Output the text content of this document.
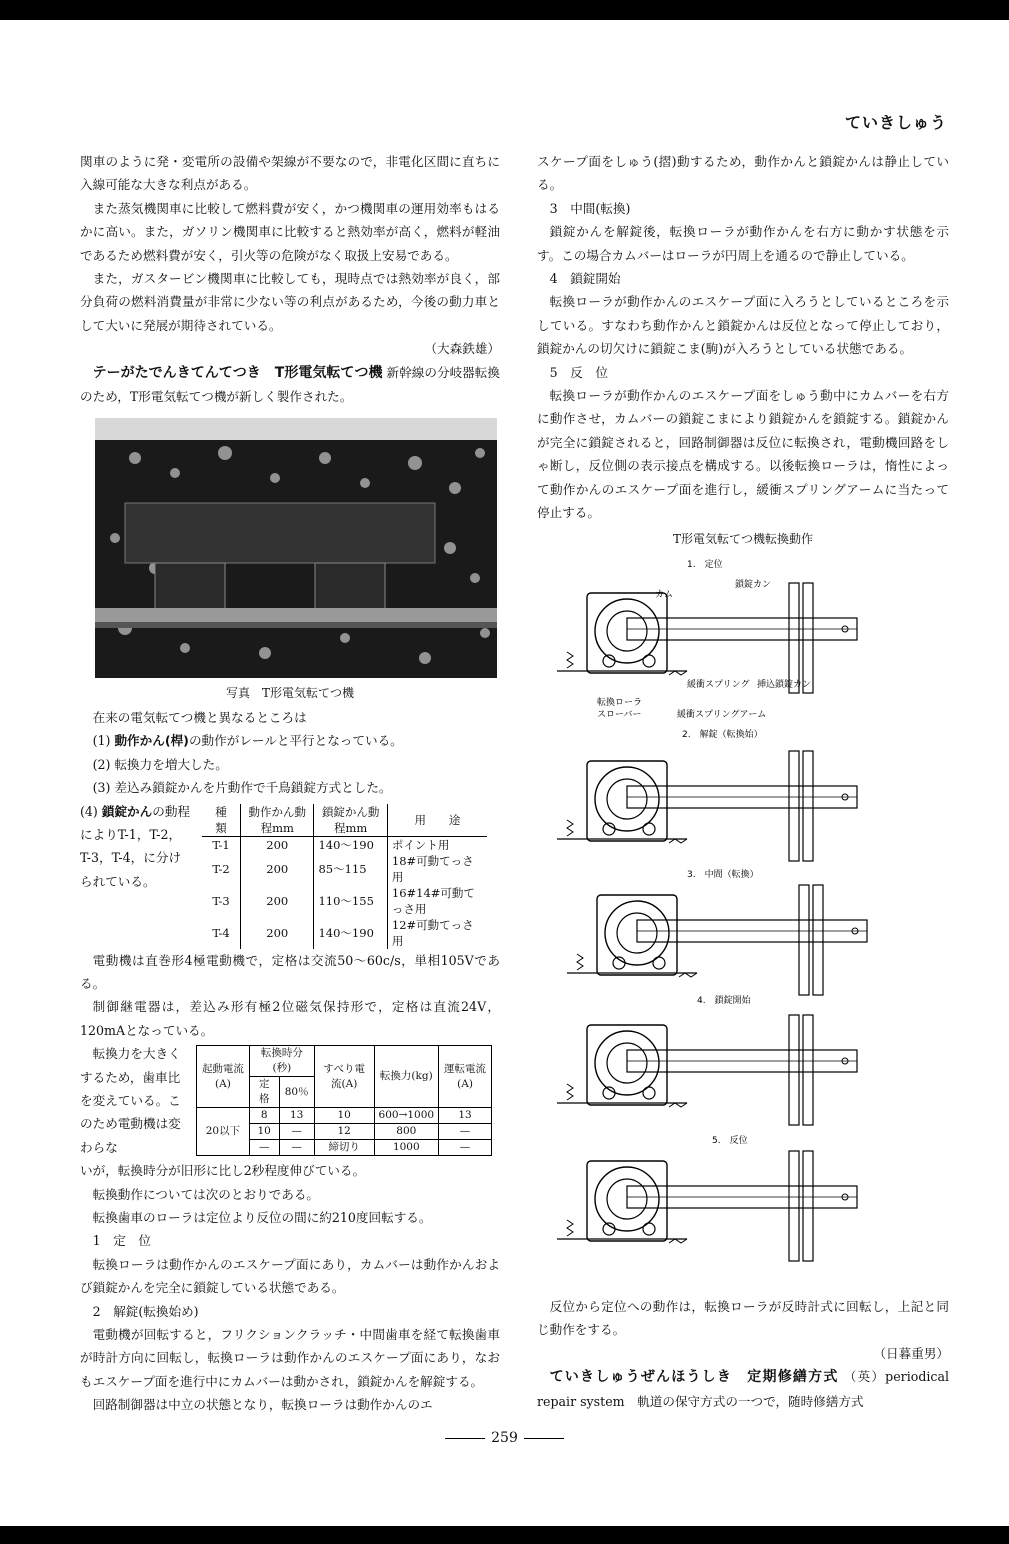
ていきしゅう

関車のように発・変電所の設備や架線が不要なので，非電化区間に直ちに入線可能な大きな利点がある。

また蒸気機関車に比較して燃料費が安く，かつ機関車の運用効率もはるかに高い。また，ガソリン機関車に比較すると熱効率が高く，燃料が軽油であるため燃料費が安く，引火等の危険がなく取扱上安易である。

また，ガスタービン機関車に比較しても，現時点では熱効率が良く，部分負荷の燃料消費量が非常に少ない等の利点があるため，今後の動力車として大いに発展が期待されている。

（大森鉄雄）

テーがたでんきてんてつき　T形電気転てつ機 新幹線の分岐器転換のため，T形電気転てつ機が新しく製作された。

写真　T形電気転てつ機

在来の電気転てつ機と異なるところは

(1) 動作かん(桿)の動作がレールと平行となっている。

(2) 転換力を増大した。

(3) 差込み鎖錠かんを片動作で千鳥鎖錠方式とした。

(4) 鎖錠かんの動程によりT-1，T-2，T-3，T-4，に分けられている。
種　類	動作かん動程mm	鎖錠かん動程mm	用　　途
T-1	200	140～190	ポイント用
T-2	200	85～115	18#可動てっさ用
T-3	200	110～155	16#14#可動てっさ用
T-4	200	140～190	12#可動てっさ用

電動機は直巻形4極電動機で，定格は交流50～60c/s，単相105Vである。

制御継電器は，差込み形有極2位磁気保持形で，定格は直流24V，120mAとなっている。

転換力を大きくするため，歯車比を変えている。このため電動機は変わらな
起動電流(A)	転換時分(秒)		すべり電流(A)	転換力(kg)	運転電流(A)
	定格	80％			
20以下	8	13	10	600→1000	13
	10	—	12	800	—
	—	—	締切り	1000	—

いが，転換時分が旧形に比し2秒程度伸びている。

転換動作については次のとおりである。

転換歯車のローラは定位より反位の間に約210度回転する。

1　定　位

転換ローラは動作かんのエスケープ面にあり，カムバーは動作かんおよび鎖錠かんを完全に鎖錠している状態である。

2　解錠(転換始め)

電動機が回転すると，フリクションクラッチ・中間歯車を経て転換歯車が時計方向に回転し，転換ローラは動作かんのエスケープ面にあり，なおもエスケープ面を進行中にカムバーは動かされ，鎖錠かんを解錠する。

回路制御器は中立の状態となり，転換ローラは動作かんのエ

スケープ面をしゅう(摺)動するため，動作かんと鎖錠かんは静止している。

3　中間(転換)

鎖錠かんを解錠後，転換ローラが動作かんを右方に動かす状態を示す。この場合カムバーはローラが円周上を通るので静止している。

4　鎖錠開始

転換ローラが動作かんのエスケープ面に入ろうとしているところを示している。すなわち動作かんと鎖錠かんは反位となって停止しており，鎖錠かんの切欠けに鎖錠こま(駒)が入ろうとしている状態である。

5　反　位

転換ローラが動作かんのエスケープ面をしゅう動中にカムバーを右方に動作させ，カムバーの鎖錠こまにより鎖錠かんを鎖錠する。鎖錠かんが完全に鎖錠されると，回路制御器は反位に転換され，電動機回路をしゃ断し，反位側の表示接点を構成する。以後転換ローラは，惰性によって動作かんのエスケープ面を進行し，緩衝スプリングアームに当たって停止する。

T形電気転てつ機転換動作

1.　定位
カム
鎖錠カン
挿込鎖錠カン
緩衝スプリング
転換ローラ
スローバー	緩衝スプリングアーム
2.　解錠（転換始）
3.　中間（転換）
4.　鎖錠開始
5.　反位

反位から定位への動作は，転換ローラが反時計式に回転し，上記と同じ動作をする。

（日暮重男）

ていきしゅうぜんほうしき　定期修繕方式 （英）periodical repair system　軌道の保守方式の一つで，随時修繕方式

259
